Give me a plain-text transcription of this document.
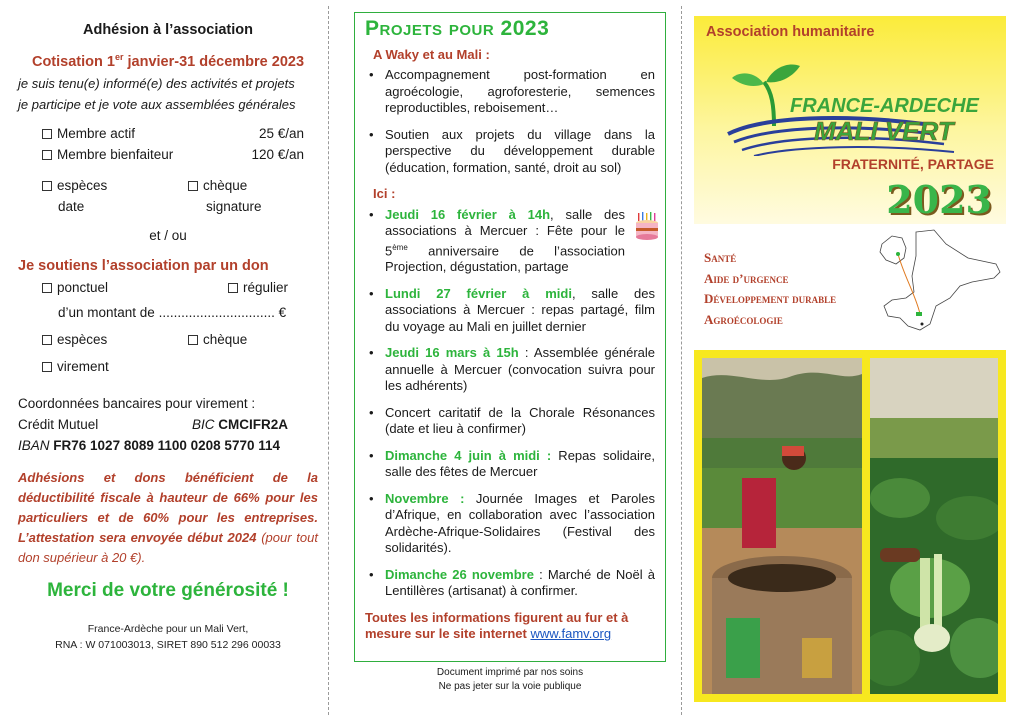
Adhésion à l’association
Cotisation 1er janvier-31 décembre 2023
je suis tenu(e) informé(e) des activités et projets
je participe et je vote aux assemblées générales
Membre actif	25 €/an
Membre bienfaiteur	120 €/an
espèces	chèque
date	signature
et / ou
Je soutiens l’association par un don
ponctuel	régulier
d’un montant de ............................... €
espèces	chèque
virement
Coordonnées bancaires pour virement :
Crédit Mutuel	BIC CMCIFR2A
IBAN FR76 1027 8089 1100 0208 5770 114
Adhésions et dons bénéficient de la déductibilité fiscale à hauteur de 66% pour les particuliers et de 60% pour les entreprises. L’attestation sera envoyée début 2024 (pour tout don supérieur à 20 €).
Merci de votre générosité !
France-Ardèche pour un Mali Vert,
RNA : W 071003013, SIRET 890 512 296 00033
Projets pour 2023
A Waky et au Mali :
• Accompagnement post-formation en agroécologie, agroforesterie, semences reproductibles, reboisement…
• Soutien aux projets du village dans la perspective du développement durable (éducation, formation, santé, droit au sol)
Ici :
• Jeudi 16 février à 14h, salle des associations à Mercuer : Fête pour le 5ème anniversaire de l’association Projection, dégustation, partage
• Lundi 27 février à midi, salle des associations à Mercuer : repas partagé, film du voyage au Mali en juillet dernier
• Jeudi 16 mars à 15h : Assemblée générale annuelle à Mercuer (convocation suivra pour les adhérents)
• Concert caritatif de la Chorale Résonances (date et lieu à confirmer)
• Dimanche 4 juin à midi : Repas solidaire, salle des fêtes de Mercuer
• Novembre : Journée Images et Paroles d’Afrique, en collaboration avec l’association Ardèche-Afrique-Solidaires (Festival des solidarités).
• Dimanche 26 novembre : Marché de Noël à Lentillères (artisanat) à confirmer.
Toutes les informations figurent au fur et à mesure sur le site internet www.famv.org
Document imprimé par nos soins
Ne pas jeter sur la voie publique
Association humanitaire
FRANCE-ARDECHE
MALI VERT
FRATERNITÉ, PARTAGE
2023
Santé
Aide d’urgence
Développement durable
Agroécologie
